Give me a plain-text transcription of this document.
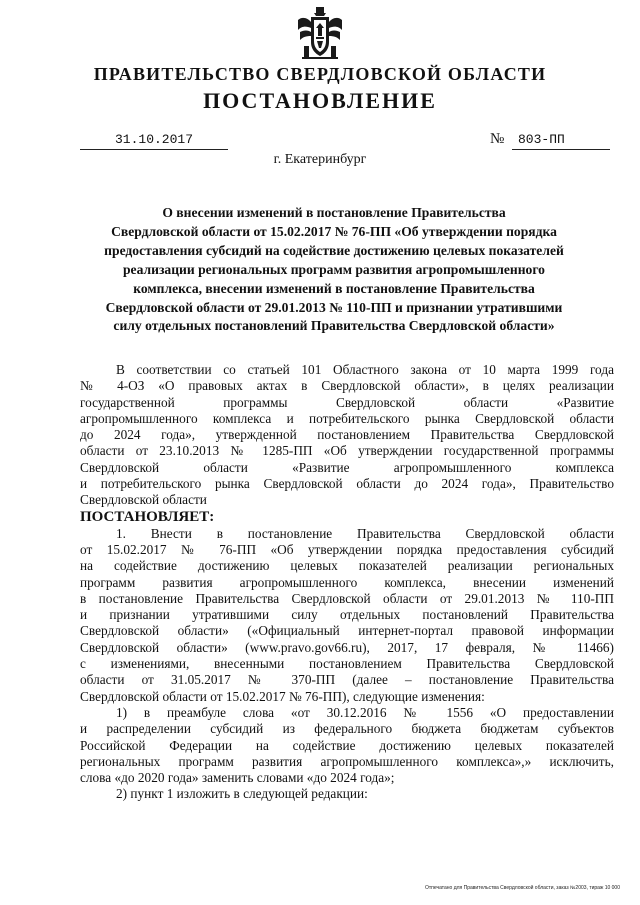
ПРАВИТЕЛЬСТВО СВЕРДЛОВСКОЙ ОБЛАСТИ
ПОСТАНОВЛЕНИЕ
31.10.2017	№	803-ПП
г. Екатеринбург
О внесении изменений в постановление Правительства
Свердловской области от 15.02.2017 № 76-ПП «Об утверждении порядка
предоставления субсидий на содействие достижению целевых показателей
реализации региональных программ развития агропромышленного
комплекса, внесении изменений в постановление Правительства
Свердловской области от 29.01.2013 № 110-ПП и признании утратившими
силу отдельных постановлений Правительства Свердловской области»

В соответствии со статьей 101 Областного закона от 10 марта 1999 года

№ 4-ОЗ «О правовых актах в Свердловской области», в целях реализации

государственной программы Свердловской области «Развитие

агропромышленного комплекса и потребительского рынка Свердловской области

до 2024 года», утвержденной постановлением Правительства Свердловской

области от 23.10.2013 № 1285-ПП «Об утверждении государственной программы

Свердловской области «Развитие агропромышленного комплекса

и потребительского рынка Свердловской области до 2024 года», Правительство

Свердловской области

ПОСТАНОВЛЯЕТ:

1. Внести в постановление Правительства Свердловской области

от 15.02.2017 № 76-ПП «Об утверждении порядка предоставления субсидий

на содействие достижению целевых показателей реализации региональных

программ развития агропромышленного комплекса, внесении изменений

в постановление Правительства Свердловской области от 29.01.2013 № 110-ПП

и признании утратившими силу отдельных постановлений Правительства

Свердловской области» («Официальный интернет-портал правовой информации

Свердловской области» (www.pravo.gov66.ru), 2017, 17 февраля, № 11466)

с изменениями, внесенными постановлением Правительства Свердловской

области от 31.05.2017 № 370-ПП (далее – постановление Правительства

Свердловской области от 15.02.2017 № 76-ПП), следующие изменения:

1) в преамбуле слова «от 30.12.2016 № 1556 «О предоставлении

и распределении субсидий из федерального бюджета бюджетам субъектов

Российской Федерации на содействие достижению целевых показателей

региональных программ развития агропромышленного комплекса»,» исключить,

слова «до 2020 года» заменить словами «до 2024 года»;

2) пункт 1 изложить в следующей редакции:

Отпечатано для Правительства Свердловской области, заказ №2003, тираж 10 000
